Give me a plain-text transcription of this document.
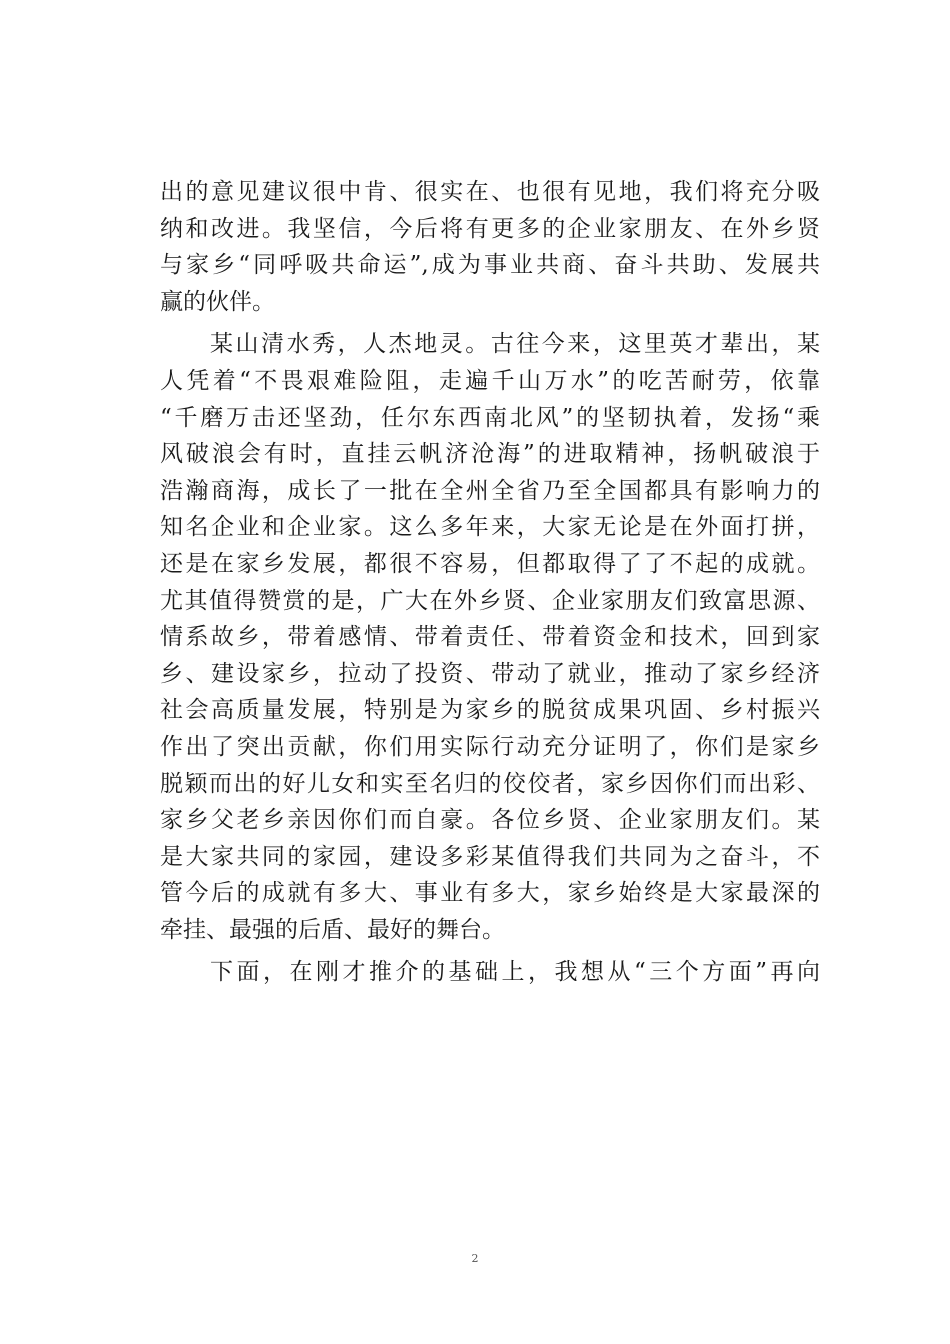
出的意见建议很中肯、很实在、也很有见地，我们将充分吸
纳和改进。我坚信，今后将有更多的企业家朋友、在外乡贤
与家乡“同呼吸共命运”,成为事业共商、奋斗共助、发展共
赢的伙伴。
某山清水秀，人杰地灵。古往今来，这里英才辈出，某
人凭着“不畏艰难险阻，走遍千山万水”的吃苦耐劳，依靠
“千磨万击还坚劲，任尔东西南北风”的坚韧执着，发扬“乘
风破浪会有时，直挂云帆济沧海”的进取精神，扬帆破浪于
浩瀚商海，成长了一批在全州全省乃至全国都具有影响力的
知名企业和企业家。这么多年来，大家无论是在外面打拼，
还是在家乡发展，都很不容易，但都取得了了不起的成就。
尤其值得赞赏的是，广大在外乡贤、企业家朋友们致富思源、
情系故乡，带着感情、带着责任、带着资金和技术，回到家
乡、建设家乡，拉动了投资、带动了就业，推动了家乡经济
社会高质量发展，特别是为家乡的脱贫成果巩固、乡村振兴
作出了突出贡献，你们用实际行动充分证明了，你们是家乡
脱颖而出的好儿女和实至名归的佼佼者，家乡因你们而出彩、
家乡父老乡亲因你们而自豪。各位乡贤、企业家朋友们。某
是大家共同的家园，建设多彩某值得我们共同为之奋斗，不
管今后的成就有多大、事业有多大，家乡始终是大家最深的
牵挂、最强的后盾、最好的舞台。
下面，在刚才推介的基础上，我想从“三个方面”再向
2
